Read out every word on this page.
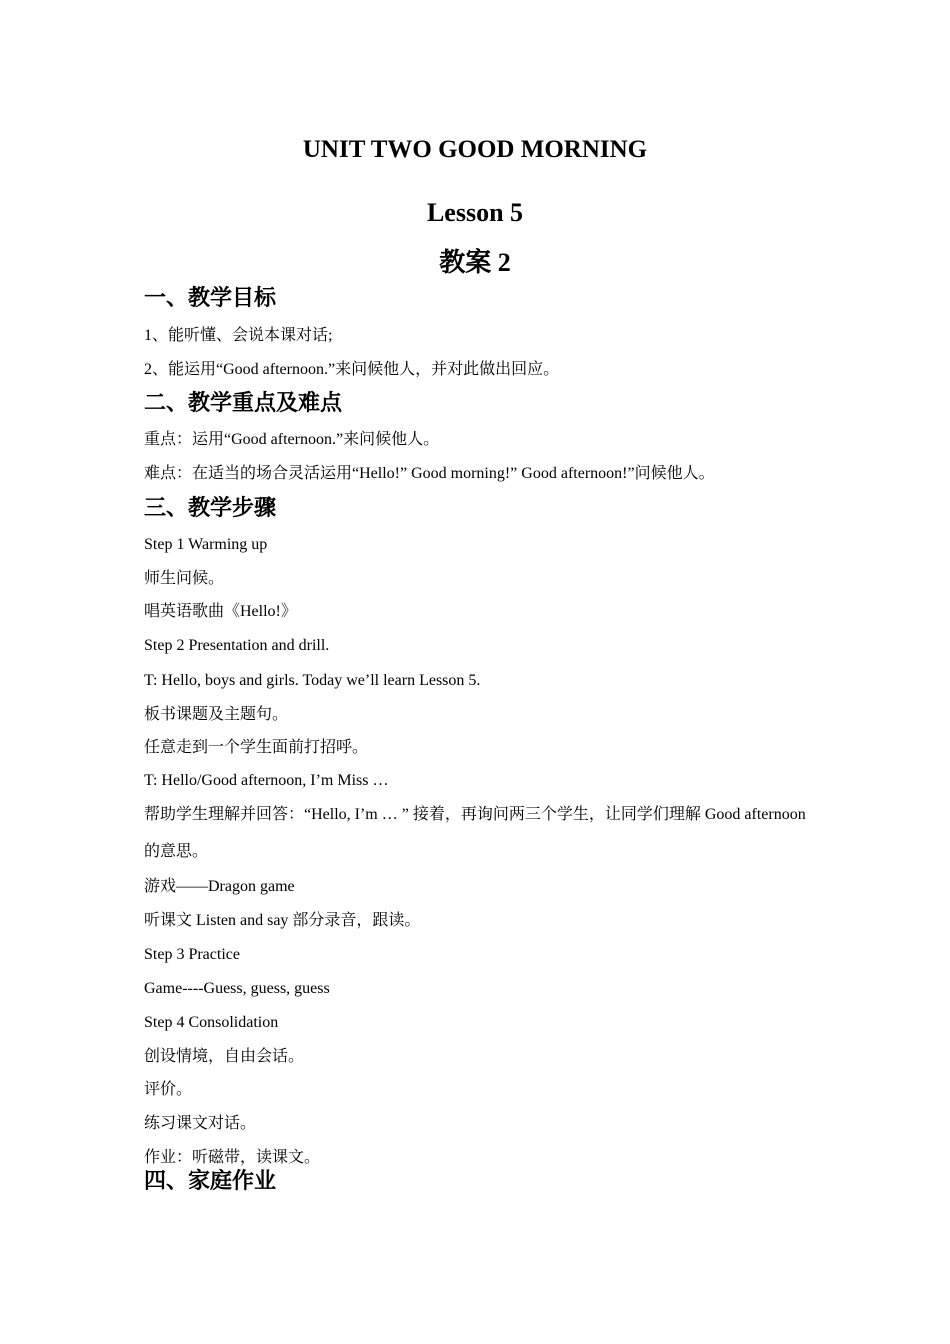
UNIT TWO GOOD MORNING
Lesson 5
教案 2
一、教学目标

1、能听懂、会说本课对话;

2、能运用“Good afternoon.”来问候他人，并对此做出回应。

二、教学重点及难点

重点：运用“Good afternoon.”来问候他人。

难点：在适当的场合灵活运用“Hello!” Good morning!” Good afternoon!”问候他人。

三、教学步骤

Step 1 Warming up

师生问候。

唱英语歌曲《Hello!》

Step 2 Presentation and drill.

T: Hello, boys and girls. Today we’ll learn Lesson 5.

板书课题及主题句。

任意走到一个学生面前打招呼。

T: Hello/Good afternoon, I’m Miss …

帮助学生理解并回答：“Hello, I’m … ” 接着，再询问两三个学生，让同学们理解 Good afternoon 的意思。

游戏——Dragon game

听课文 Listen and say 部分录音，跟读。

Step 3 Practice

Game----Guess, guess, guess

Step 4 Consolidation

创设情境，自由会话。

评价。

练习课文对话。

作业：听磁带，读课文。

四、家庭作业
